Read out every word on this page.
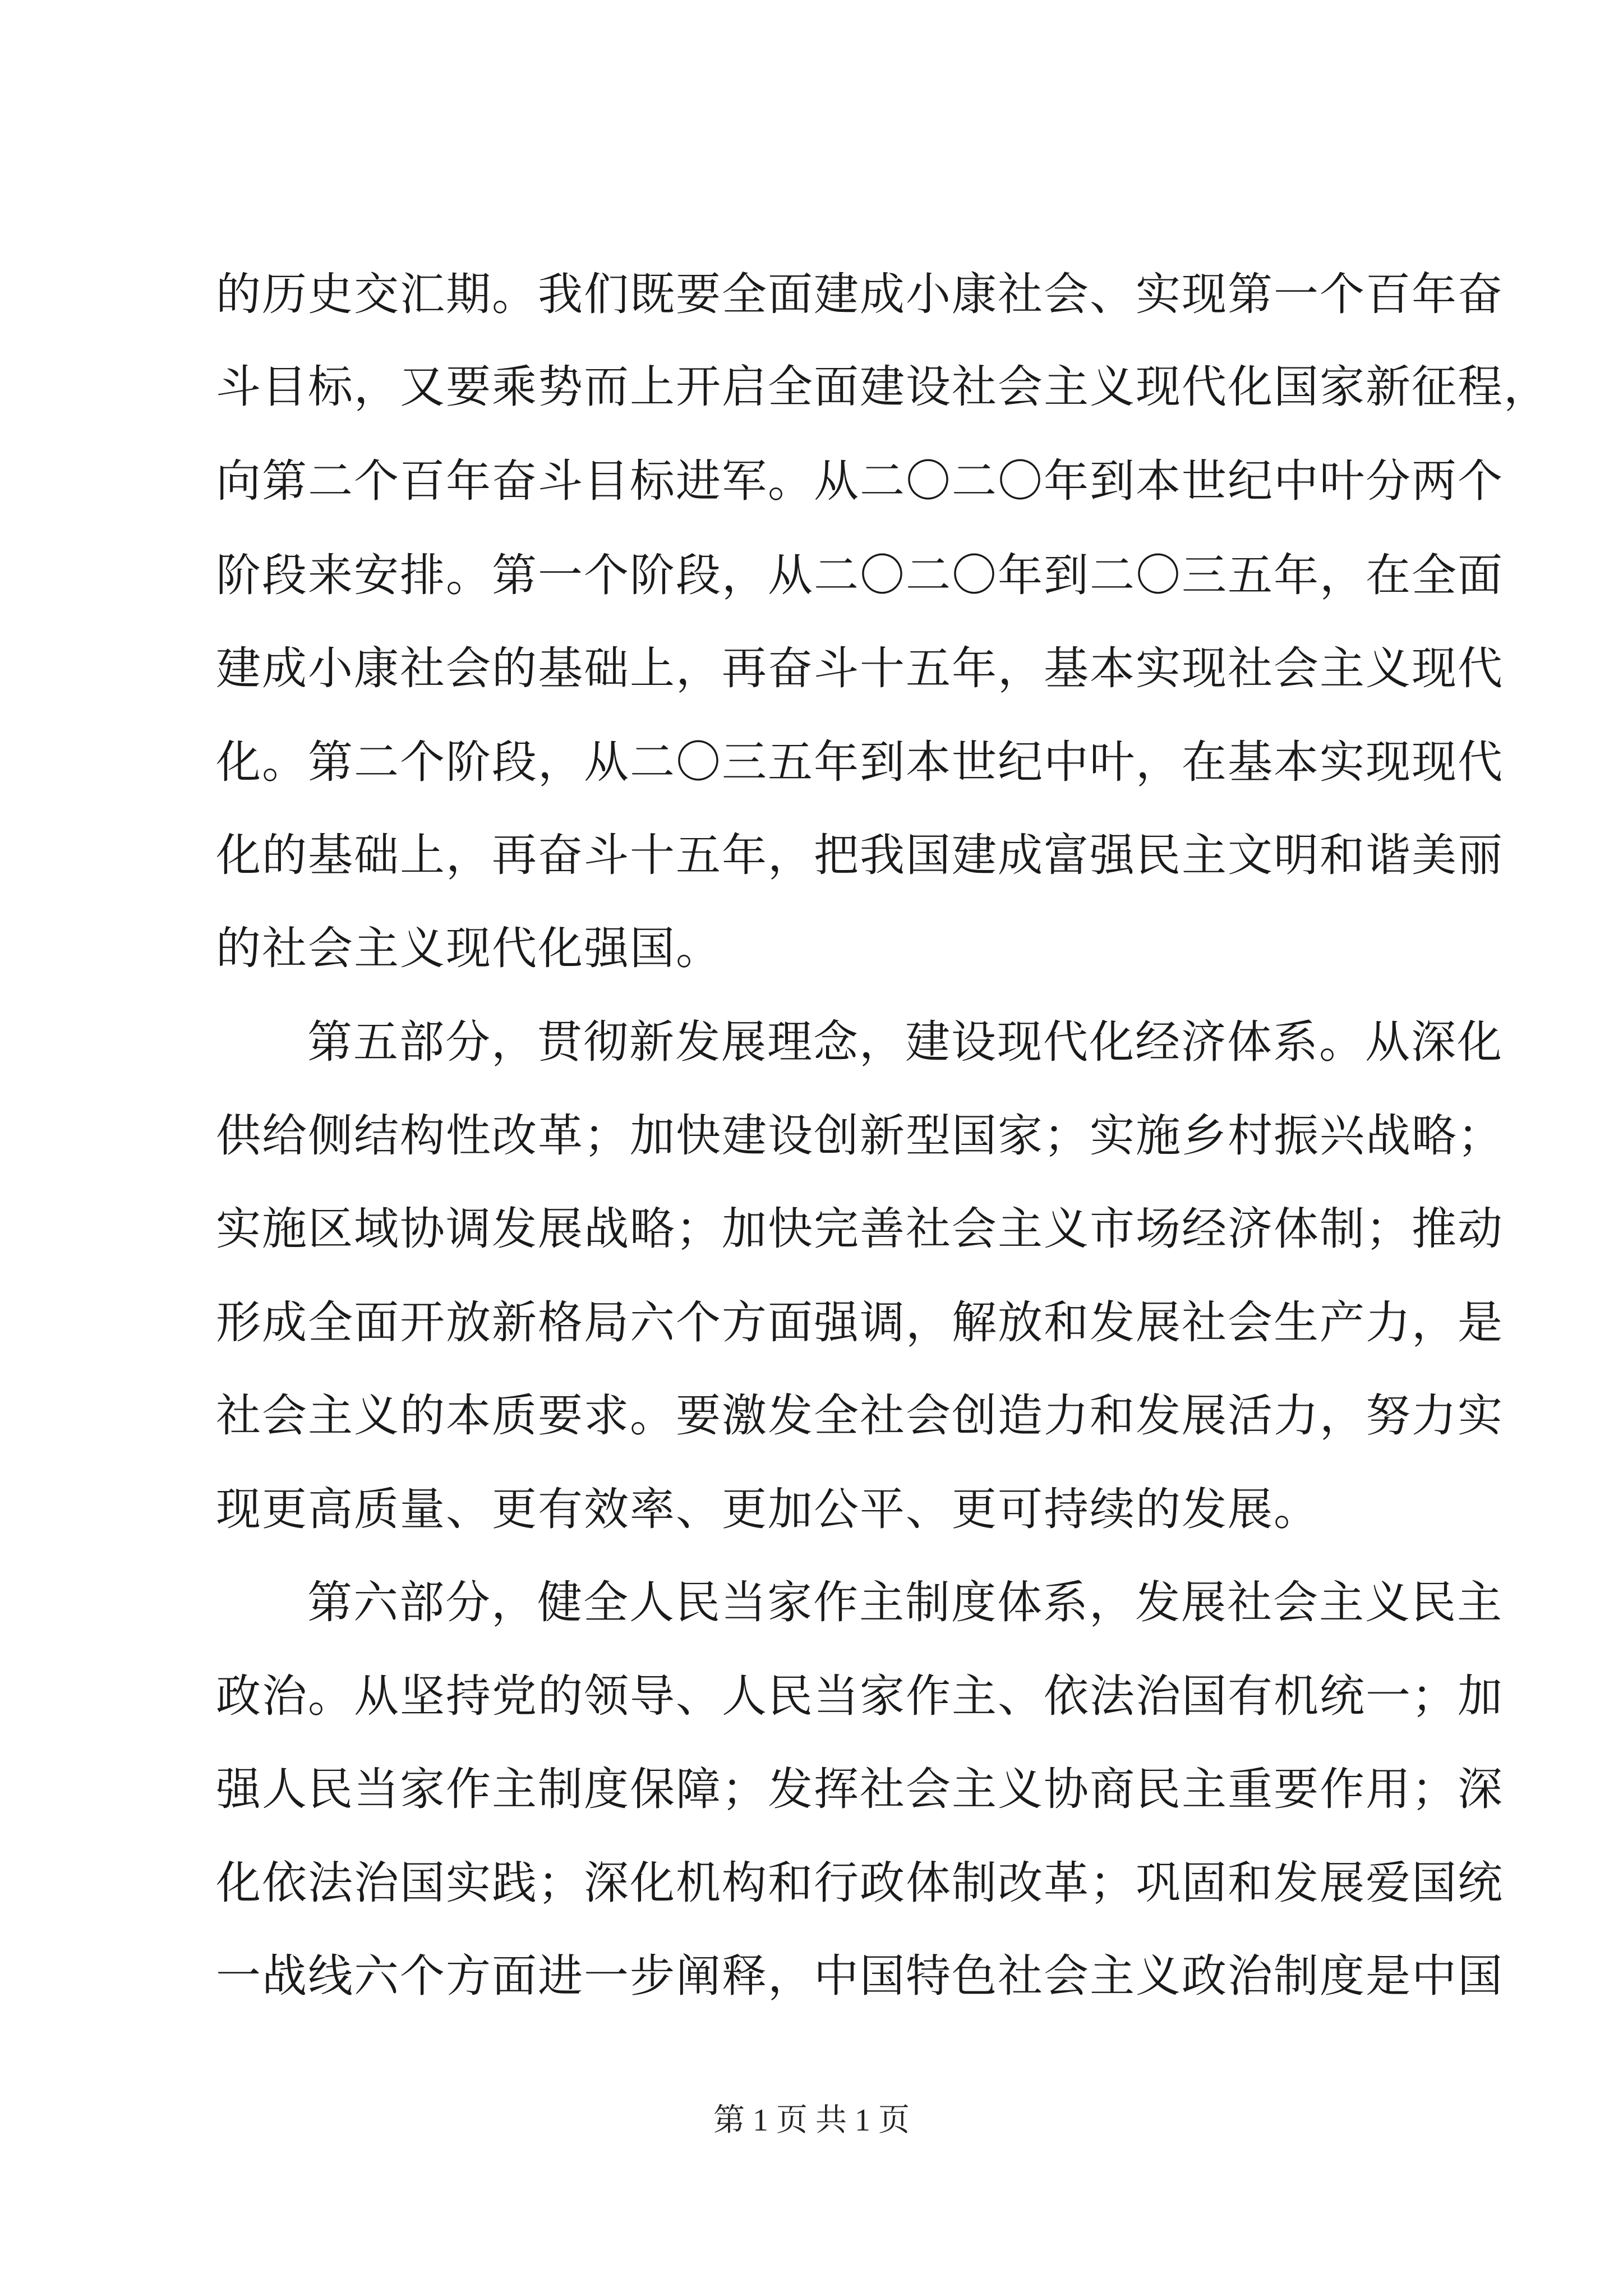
的历史交汇期。我们既要全面建成小康社会、实现第一个百年奋
斗目标，又要乘势而上开启全面建设社会主义现代化国家新征程，
向第二个百年奋斗目标进军。从二〇二〇年到本世纪中叶分两个
阶段来安排。第一个阶段，从二〇二〇年到二〇三五年，在全面
建成小康社会的基础上，再奋斗十五年，基本实现社会主义现代
化。第二个阶段，从二〇三五年到本世纪中叶，在基本实现现代
化的基础上，再奋斗十五年，把我国建成富强民主文明和谐美丽
的社会主义现代化强国。
第五部分，贯彻新发展理念，建设现代化经济体系。从深化
供给侧结构性改革；加快建设创新型国家；实施乡村振兴战略；
实施区域协调发展战略；加快完善社会主义市场经济体制；推动
形成全面开放新格局六个方面强调，解放和发展社会生产力，是
社会主义的本质要求。要激发全社会创造力和发展活力，努力实
现更高质量、更有效率、更加公平、更可持续的发展。
第六部分，健全人民当家作主制度体系，发展社会主义民主
政治。从坚持党的领导、人民当家作主、依法治国有机统一；加
强人民当家作主制度保障；发挥社会主义协商民主重要作用；深
化依法治国实践；深化机构和行政体制改革；巩固和发展爱国统
一战线六个方面进一步阐释，中国特色社会主义政治制度是中国
第 1 页 共 1 页
